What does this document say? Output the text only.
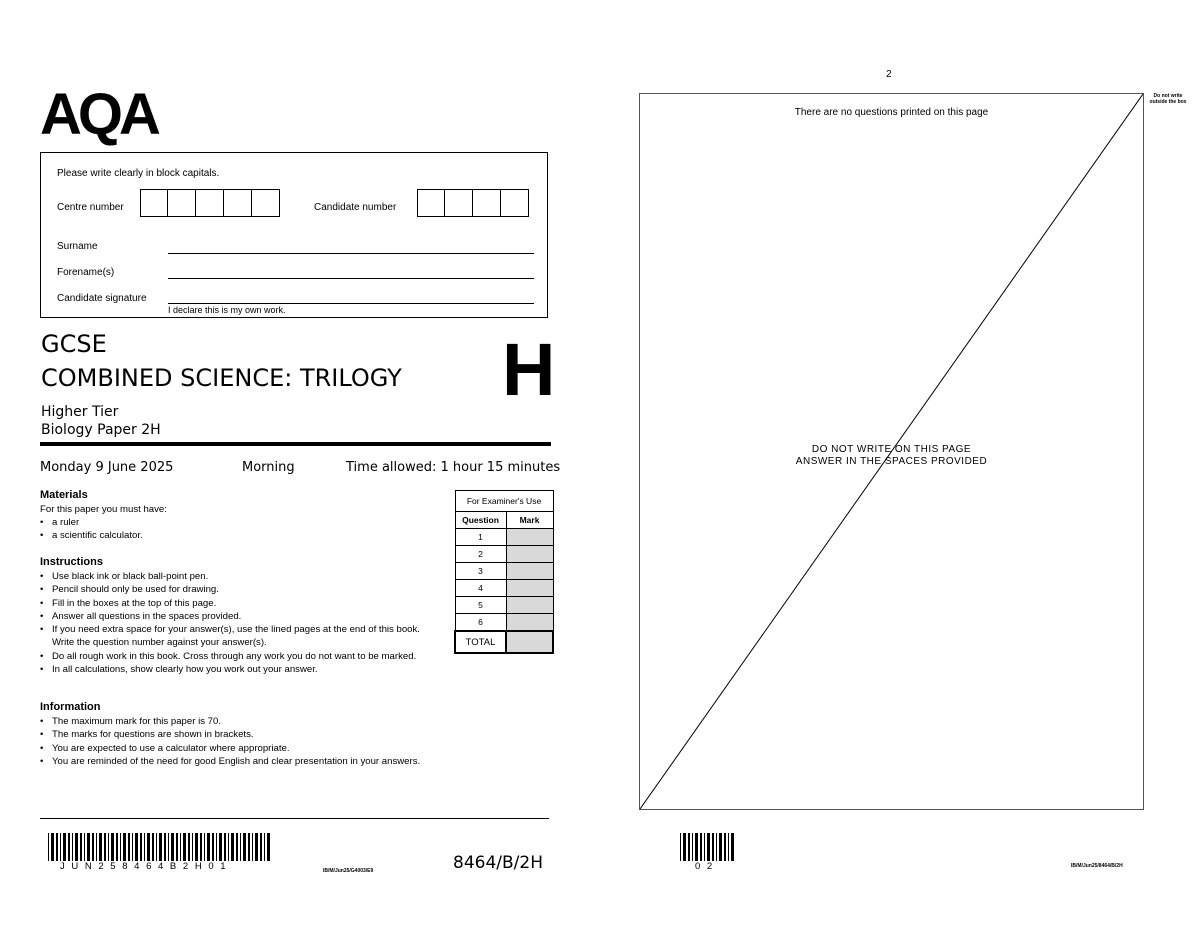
AQA
Please write clearly in block capitals.
Centre number	Candidate number
Surname
Forename(s)
Candidate signature
I declare this is my own work.
GCSE
COMBINED SCIENCE: TRILOGY H
Higher Tier
Biology Paper 2H
Monday 9 June 2025	Morning	Time allowed: 1 hour 15 minutes
Materials
For this paper you must have:
• a ruler
• a scientific calculator.
Instructions
• Use black ink or black ball-point pen.
• Pencil should only be used for drawing.
• Fill in the boxes at the top of this page.
• Answer all questions in the spaces provided.
• If you need extra space for your answer(s), use the lined pages at the end of this book. Write the question number against your answer(s).
• Do all rough work in this book. Cross through any work you do not want to be marked.
• In all calculations, show clearly how you work out your answer.
Information
• The maximum mark for this paper is 70.
• The marks for questions are shown in brackets.
• You are expected to use a calculator where appropriate.
• You are reminded of the need for good English and clear presentation in your answers.
For Examiner's Use	
Question	Mark
1	
2	
3	
4	
5	
6	
TOTAL	
J U N 2 5 8 4 6 4 B 2 H 0 1	IB/M/Jun25/G4003/E9	8464/B/2H
2
Do not write outside the box
There are no questions printed on this page
DO NOT WRITE ON THIS PAGE
ANSWER IN THE SPACES PROVIDED
0 2	IB/M/Jun25/8464/B/2H
